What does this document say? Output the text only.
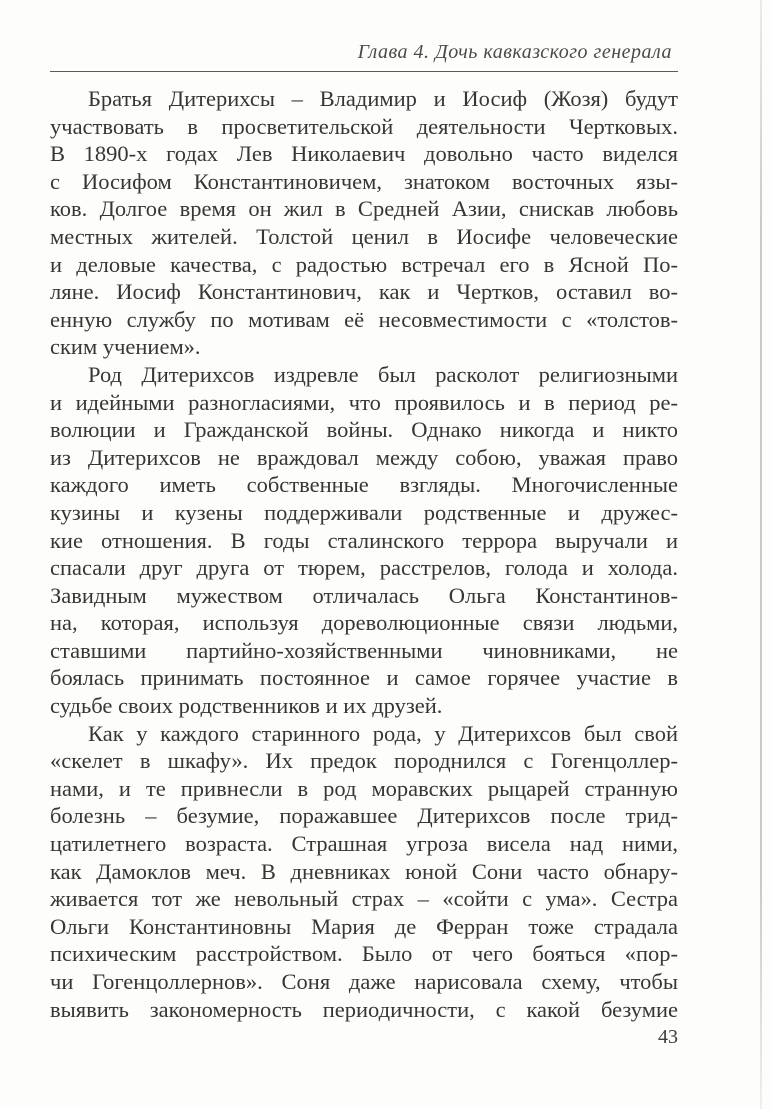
Глава 4. Дочь кавказского генерала
Братья Дитерихсы – Владимир и Иосиф (Жозя) будут
участвовать в просветительской деятельности Чертковых.
В 1890-х годах Лев Николаевич довольно часто виделся
с Иосифом Константиновичем, знатоком восточных язы-
ков. Долгое время он жил в Средней Азии, снискав любовь
местных жителей. Толстой ценил в Иосифе человеческие
и деловые качества, с радостью встречал его в Ясной По-
ляне. Иосиф Константинович, как и Чертков, оставил во-
енную службу по мотивам её несовместимости с «толстов-
ским учением».
Род Дитерихсов издревле был расколот религиозными
и идейными разногласиями, что проявилось и в период ре-
волюции и Гражданской войны. Однако никогда и никто
из Дитерихсов не враждовал между собою, уважая право
каждого иметь собственные взгляды. Многочисленные
кузины и кузены поддерживали родственные и дружес-
кие отношения. В годы сталинского террора выручали и
спасали друг друга от тюрем, расстрелов, голода и холода.
Завидным мужеством отличалась Ольга Константинов-
на, которая, используя дореволюционные связи людьми,
ставшими партийно-хозяйственными чиновниками, не
боялась принимать постоянное и самое горячее участие в
судьбе своих родственников и их друзей.
Как у каждого старинного рода, у Дитерихсов был свой
«скелет в шкафу». Их предок породнился с Гогенцоллер-
нами, и те привнесли в род моравских рыцарей странную
болезнь – безумие, поражавшее Дитерихсов после трид-
цатилетнего возраста. Страшная угроза висела над ними,
как Дамоклов меч. В дневниках юной Сони часто обнару-
живается тот же невольный страх – «сойти с ума». Сестра
Ольги Константиновны Мария де Ферран тоже страдала
психическим расстройством. Было от чего бояться «пор-
чи Гогенцоллернов». Соня даже нарисовала схему, чтобы
выявить закономерность периодичности, с какой безумие
43
